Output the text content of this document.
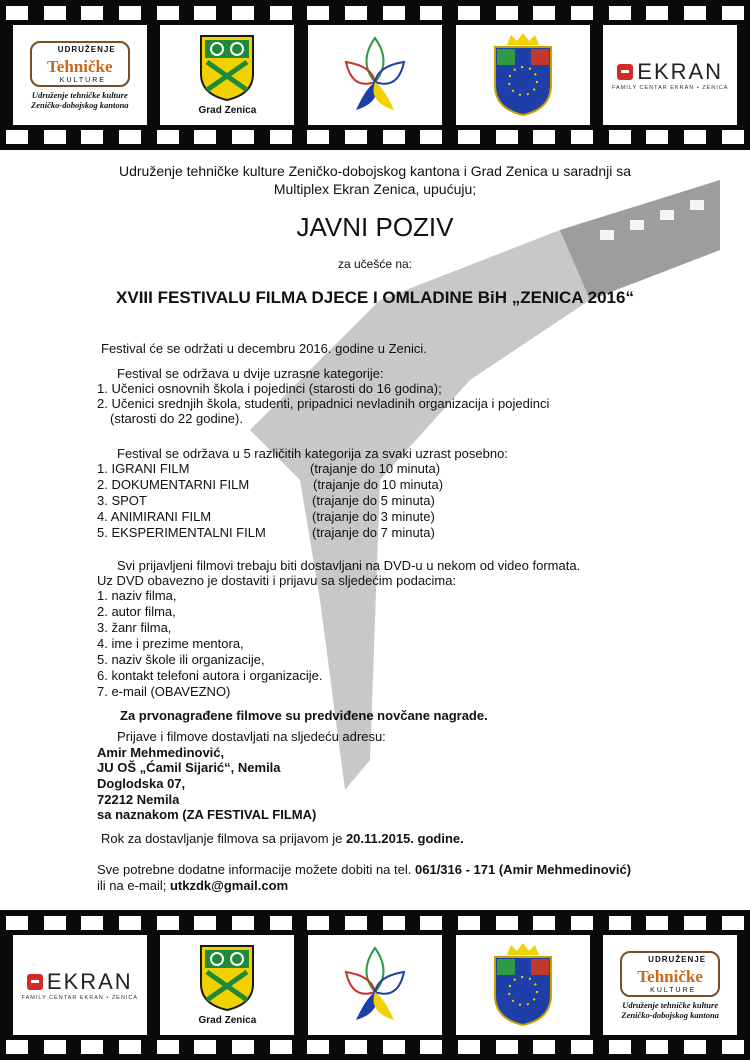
UDRUŽENJE
Tehničke
KULTURE
Udruženje tehničke kulture
Zeničko-dobojskog kantona
Grad Zenica
EKRAN
FAMILY CENTAR EKRAN • ZENICA
Udruženje tehničke kulture Zeničko-dobojskog kantona i Grad Zenica u saradnji sa
Multiplex Ekran Zenica, upućuju;
JAVNI POZIV
za učešće na:
XVIII FESTIVALU FILMA DJECE I OMLADINE BiH „ZENICA 2016“
Festival će se održati u decembru 2016. godine u Zenici.
Festival se održava u dvije uzrasne kategorije:
1. Učenici osnovnih škola i pojedinci (starosti do 16 godina);
2. Učenici srednjih škola, studenti, pripadnici nevladinih organizacija i pojedinci
(starosti do 22 godine).
Festival se održava u 5 različitih kategorija za svaki uzrast posebno:
1. IGRANI FILM	(trajanje do 10 minuta)
2. DOKUMENTARNI FILM	(trajanje do 10 minuta)
3. SPOT	(trajanje do 5 minuta)
4. ANIMIRANI FILM	(trajanje do 3 minute)
5. EKSPERIMENTALNI FILM	(trajanje do 7 minuta)
Svi prijavljeni filmovi trebaju biti dostavljani na DVD-u u nekom od video formata.
Uz DVD obavezno je dostaviti i prijavu sa sljedećim podacima:
1. naziv filma,
2. autor filma,
3. žanr filma,
4. ime i prezime mentora,
5. naziv škole ili organizacije,
6. kontakt telefoni autora i organizacije.
7. e-mail (OBAVEZNO)
Za prvonagrađene filmove su predviđene novčane nagrade.
Prijave i filmove dostavljati na sljedeću adresu:
Amir Mehmedinović,
JU OŠ „Ćamil Sijarić“, Nemila
Doglodska 07,
72212 Nemila
sa naznakom (ZA FESTIVAL FILMA)
Rok za dostavljanje filmova sa prijavom je 20.11.2015. godine.
Sve potrebne dodatne informacije možete dobiti na tel. 061/316 - 171 (Amir Mehmedinović)
ili na e-mail; utkzdk@gmail.com
EKRAN
FAMILY CENTAR EKRAN • ZENICA
Grad Zenica
UDRUŽENJE
Tehničke
KULTURE
Udruženje tehničke kulture
Zeničko-dobojskog kantona
